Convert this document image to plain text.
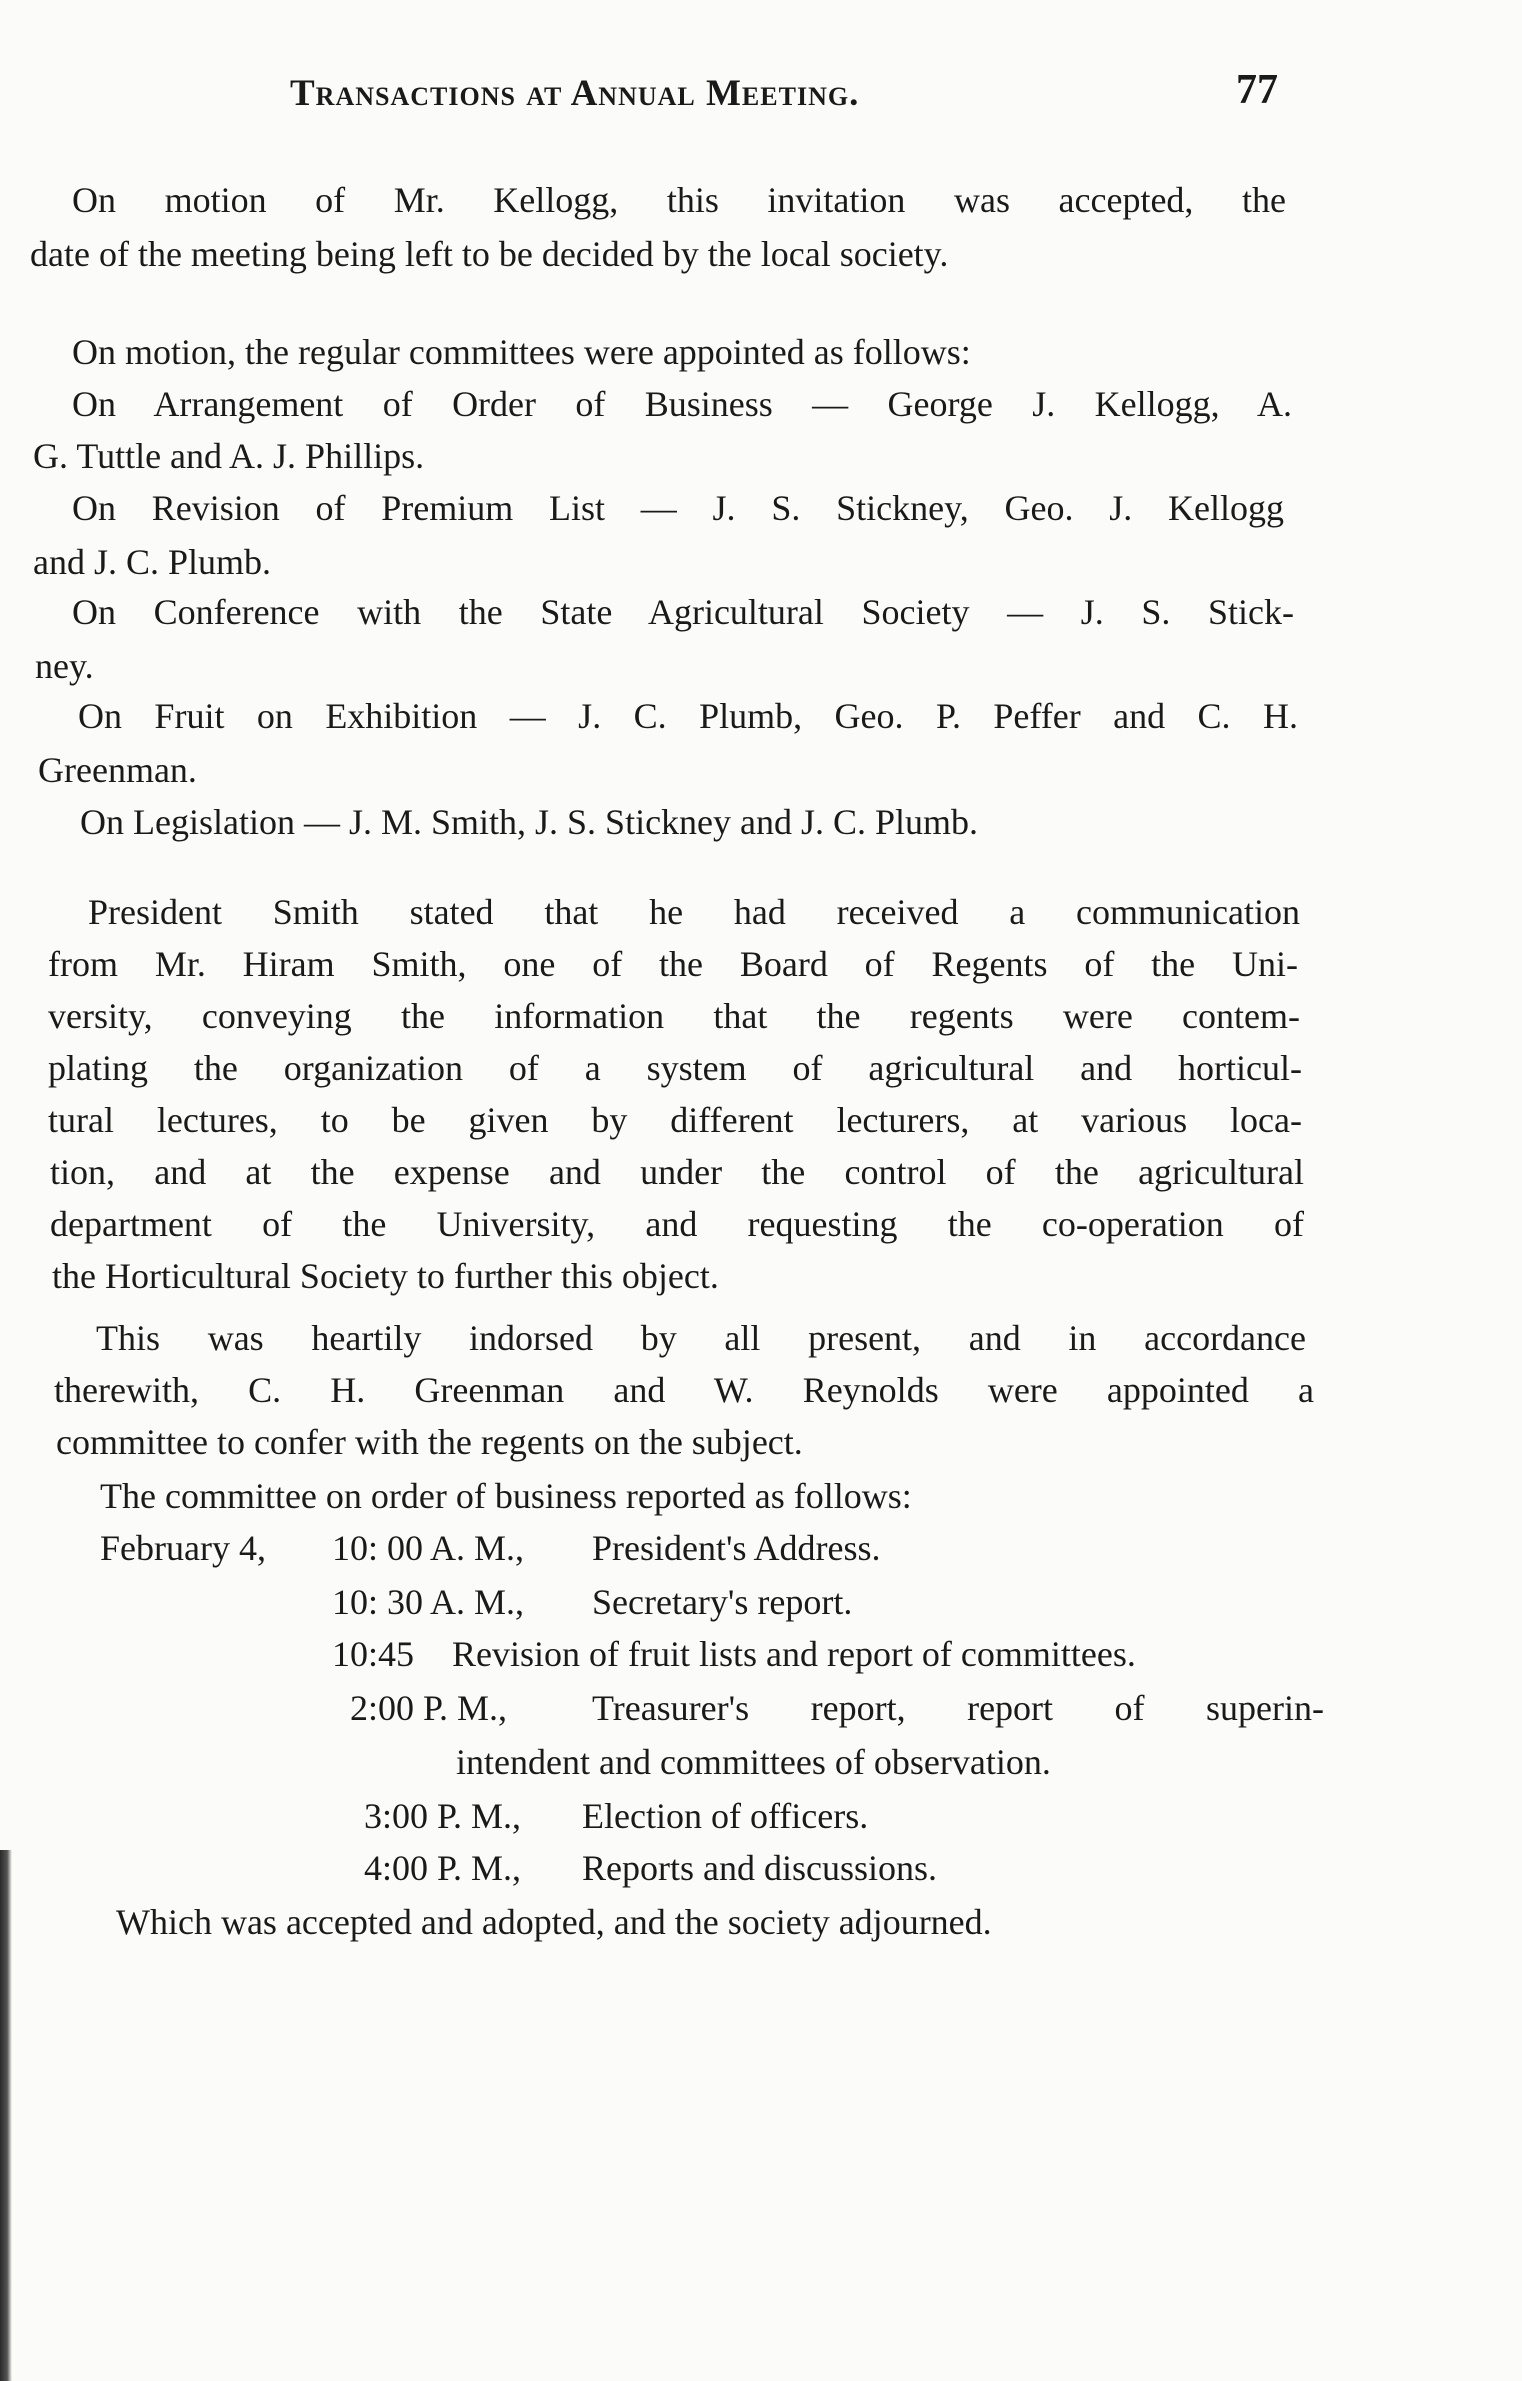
Transactions at Annual Meeting.	77
On motion of Mr. Kellogg, this invitation was accepted, the
date of the meeting being left to be decided by the local society.
On motion, the regular committees were appointed as follows:
On Arrangement of Order of Business — George J. Kellogg, A.
G. Tuttle and A. J. Phillips.
On Revision of Premium List — J. S. Stickney, Geo. J. Kellogg
and J. C. Plumb.
On Conference with the State Agricultural Society — J. S. Stick-
ney.
On Fruit on Exhibition — J. C. Plumb, Geo. P. Peffer and C. H.
Greenman.
On Legislation — J. M. Smith, J. S. Stickney and J. C. Plumb.
President Smith stated that he had received a communication
from Mr. Hiram Smith, one of the Board of Regents of the Uni-
versity, conveying the information that the regents were contem-
plating the organization of a system of agricultural and horticul-
tural lectures, to be given by different lecturers, at various loca-
tion, and at the expense and under the control of the agricultural
department of the University, and requesting the co-operation of
the Horticultural Society to further this object.
This was heartily indorsed by all present, and in accordance
therewith, C. H. Greenman and W. Reynolds were appointed a
committee to confer with the regents on the subject.
The committee on order of business reported as follows:
February 4, 10: 00 A. M., President's Address.
10: 30 A. M., Secretary's report.
10:45 Revision of fruit lists and report of committees.
2:00 P. M., Treasurer's report, report of superin-
intendent and committees of observation.
3:00 P. M., Election of officers.
4:00 P. M., Reports and discussions.
Which was accepted and adopted, and the society adjourned.
